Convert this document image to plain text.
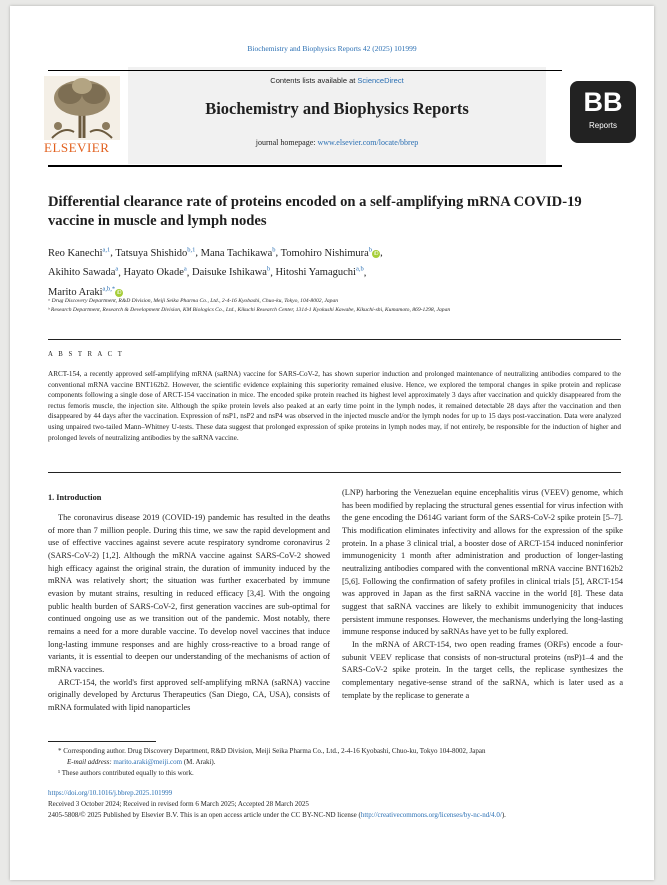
Biochemistry and Biophysics Reports 42 (2025) 101999
Contents lists available at ScienceDirect
Biochemistry and Biophysics Reports
journal homepage: www.elsevier.com/locate/bbrep
ELSEVIER
BB
Reports
Differential clearance rate of proteins encoded on a self-amplifying mRNA COVID-19 vaccine in muscle and lymph nodes
Reo Kanechi$^{a,1}$, Tatsuya Shishido$^{b,1}$, Mana Tachikawa$^b$, Tomohiro Nishimura$^b$iD ,
Akihito Sawada$^a$, Hayato Okade$^a$, Daisuke Ishikawa$^b$, Hitoshi Yamaguchi$^{a,b}$,
Marito Araki$^{a,b,*}$iD
ᵃ Drug Discovery Department, R&D Division, Meiji Seika Pharma Co., Ltd., 2-4-16 Kyobashi, Chuo-ku, Tokyo, 104-8002, Japan
ᵇ Research Department, Research & Development Division, KM Biologics Co., Ltd., Kikuchi Research Center, 1314-1 Kyokushi Kawabe, Kikuchi-shi, Kumamoto, 869-1298, Japan
A B S T R A C T
ARCT-154, a recently approved self-amplifying mRNA (saRNA) vaccine for SARS-CoV-2, has shown superior induction and prolonged maintenance of neutralizing antibodies compared to the conventional mRNA vaccine BNT162b2. However, the scientific evidence explaining this superiority remained elusive. Hence, we explored the temporal changes in spike protein and replicase components following a single dose of ARCT-154 vaccination in mice. The encoded spike protein reached its highest level approximately 3 days after vaccination and quickly disappeared from the rectus femoris muscle, the injection site. Although the spike protein levels also peaked at an early time point in the lymph nodes, it remained detectable 28 days after the vaccination and then disappeared by 44 days after the vaccination. Expression of nsP1, nsP2 and nsP4 was observed in the injected muscle and/or the lymph nodes for up to 15 days post-vaccination. Data were analyzed using unpaired two-tailed Mann–Whitney U-tests. These data suggest that prolonged expression of spike proteins in lymph nodes may, if not entirely, be responsible for the induction of higher and prolonged levels of neutralizing antibodies by the saRNA vaccine.
1. Introduction

The coronavirus disease 2019 (COVID-19) pandemic has resulted in the deaths of more than 7 million people. During this time, we saw the rapid development and use of effective vaccines against severe acute respiratory syndrome coronavirus 2 (SARS-CoV-2) [1,2]. Although the mRNA vaccine against SARS-CoV-2 showed high efficacy against the original strain, the duration of immunity induced by the mRNA was relatively short; the situation was further exacerbated by immune evasion by mutant strains, resulting in reduced efficacy [3,4]. With the ongoing public health burden of SARS-CoV-2, first generation vaccines are sub-optimal for continued ongoing use as we transition out of the pandemic. Most notably, there remains a need for a more durable vaccine. To develop novel vaccines that induce long-lasting immune responses and are highly cross-reactive to a broad range of variants, it is essential to deepen our understanding of the mechanisms of action of mRNA vaccines.

ARCT-154, the world's first approved self-amplifying mRNA (saRNA) vaccine originally developed by Arcturus Therapeutics (San Diego, CA, USA), consists of mRNA formulated with lipid nanoparticles

(LNP) harboring the Venezuelan equine encephalitis virus (VEEV) genome, which has been modified by replacing the structural genes essential for virus infection with the gene encoding the D614G variant form of the SARS-CoV-2 spike protein [5–7]. This modification eliminates infectivity and allows for the expression of the spike protein. In a phase 3 clinical trial, a booster dose of ARCT-154 induced noninferior immunogenicity 1 month after administration and production of longer-lasting neutralizing antibodies compared with the conventional mRNA vaccine BNT162b2 [5,6]. Following the confirmation of safety profiles in clinical trials [5], ARCT-154 was approved in Japan as the first saRNA vaccine in the world [8]. These data suggest that saRNA vaccines are likely to exhibit immunogenicity that induces persistent immune responses. However, the mechanisms underlying the long-lasting immune response induced by saRNAs have yet to be fully explored.

In the mRNA of ARCT-154, two open reading frames (ORFs) encode a four-subunit VEEV replicase that consists of non-structural proteins (nsP)1–4 and the SARS-CoV-2 spike protein. In the target cells, the replicase synthesizes the complementary negative-sense strand of the saRNA, which is later used as a template by the replicase to generate a

* Corresponding author. Drug Discovery Department, R&D Division, Meiji Seika Pharma Co., Ltd., 2-4-16 Kyobashi, Chuo-ku, Tokyo 104-8002, Japan
E-mail address: marito.araki@meiji.com (M. Araki).
¹ These authors contributed equally to this work.
https://doi.org/10.1016/j.bbrep.2025.101999
Received 3 October 2024; Received in revised form 6 March 2025; Accepted 28 March 2025
2405-5808/© 2025 Published by Elsevier B.V. This is an open access article under the CC BY-NC-ND license (http://creativecommons.org/licenses/by-nc-nd/4.0/).
